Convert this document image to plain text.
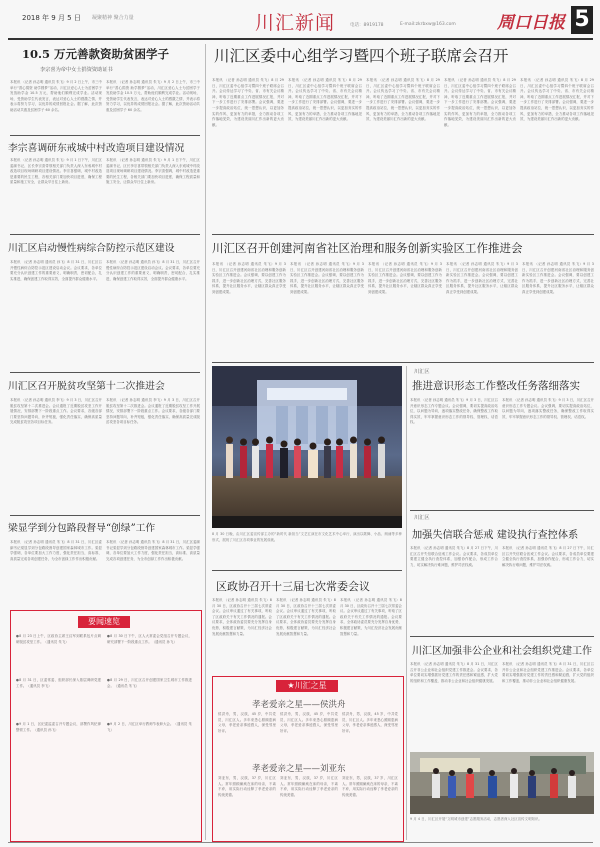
2018 年 9 月 5 日 凝聚精神 聚合力量	川汇新闻	电话：8919178	E-mail:zkrbxw@163.com 周口日报 5
10.5 万元善款资助贫困学子
李宗喜为帝中女士捐资资助证书
本报讯 （记者 孙志明 通讯员 朱飞）9 月 2 日上午，市三中举行“善心捐资 助学圆梦”活动，川汇区爱心人士为贫困学子发放助学金 10.5 万元，帮助他们顺利完成学业。活动现场，受资助学生代表发言，表达对爱心人士的感激之情，并表示将努力学习，以优异的成绩回报社会。据了解，此次资助活动共惠及贫困学子 60 余名。
本报讯 （记者 孙志明 通讯员 朱飞）9 月 2 日上午，市三中举行“善心捐资 助学圆梦”活动，川汇区爱心人士为贫困学子发放助学金 10.5 万元，帮助他们顺利完成学业。活动现场，受资助学生代表发言，表达对爱心人士的感激之情，并表示将努力学习，以优异的成绩回报社会。据了解，此次资助活动共惠及贫困学子 60 余名。
李宗喜调研东戒城中村改造项目建设情况
本报讯 （记者 孙志明 通讯员 朱飞）9 月 1 日下午，川汇区委副书记、区长李宗喜带领相关部门负责人深入东戒城中村改造项目现场调研项目建设情况。李宗喜强调，城中村改造是重要的民生工程，各相关部门要加快项目进度，确保工程质量和施工安全，让群众早日住上新房。
本报讯 （记者 孙志明 通讯员 朱飞）9 月 1 日下午，川汇区委副书记、区长李宗喜带领相关部门负责人深入东戒城中村改造项目现场调研项目建设情况。李宗喜强调，城中村改造是重要的民生工程，各相关部门要加快项目进度，确保工程质量和施工安全，让群众早日住上新房。
川汇区启动慢性病综合防控示范区建设
本报讯 （记者 孙志明 通讯员 孙飞）8 月 31 日，川汇区召开慢性病综合防控示范区建设启动会议。会议要求，各单位要充分认识创建工作的重要意义，明确职责，密切配合，扎实推进，确保创建工作取得实效，全面提升群众健康水平。
本报讯 （记者 孙志明 通讯员 孙飞）8 月 31 日，川汇区召开慢性病综合防控示范区建设启动会议。会议要求，各单位要充分认识创建工作的重要意义，明确职责，密切配合，扎实推进，确保创建工作取得实效，全面提升群众健康水平。
川汇区召开脱贫攻坚第十二次推进会
本报讯 （记者 孙志明 通讯员 李飞）9 月 3 日，川汇区召开脱贫攻坚第十二次推进会。会议通报了近期脱贫攻坚工作开展情况，安排部署下一阶段重点工作。会议要求，各级各部门要坚持问题导向，补齐短板，强化责任落实，确保高质量完成脱贫攻坚各项目标任务。
本报讯 （记者 孙志明 通讯员 李飞）9 月 3 日，川汇区召开脱贫攻坚第十二次推进会。会议通报了近期脱贫攻坚工作开展情况，安排部署下一阶段重点工作。会议要求，各级各部门要坚持问题导向，补齐短板，强化责任落实，确保高质量完成脱贫攻坚各项目标任务。
梁显学到分包路段督导“创绿”工作
本报讯 （记者 孙志明 通讯员 朱飞）8 月 31 日，川汇区委副书记梁显学到分包路段督导创建国家森林城市工作。梁显学强调，各单位要加大工作力度，强化责任担当，高标准、高质量完成各项创建任务，为全市创绿工作作出积极贡献。
本报讯 （记者 孙志明 通讯员 朱飞）8 月 31 日，川汇区委副书记梁显学到分包路段督导创建国家森林城市工作。梁显学强调，各单位要加大工作力度，强化责任担当，高标准、高质量完成各项创建任务，为全市创绿工作作出积极贡献。
要闻速览
●8 月 23 日上午，区政协主席王汉军到联系包片点调研脱贫攻坚工作。（通讯员 朱飞）
●8 月 30 日下午，区人大常委会党组召开专题会议，研究部署下一阶段重点工作。（通讯员 孙飞）
●8 月 31 日，区委常委、组织部长深入基层调研党建工作。（通讯员 李飞）
●8 月 29 日，川汇区召开创建国家卫生城市工作推进会。（通讯员 朱飞）
●9 月 1 日，区纪委监委召开专题会议，部署作风纪律整顿工作。（通讯员 孙飞）
●9 月 2 日，川汇区举行教师节表彰大会。（通讯员 朱飞）
川汇区委中心组学习暨四个班子联席会召开
本报讯 （记者 孙志明 通讯员 朱飞）8 月 29 日，川汇区委中心组学习暨四个班子联席会召开。会议传达学习了中央、省、市有关会议精神，听取了近期重点工作进展情况汇报，并对下一步工作进行了安排部署。会议强调，要进一步提高政治站位，统一思想认识，以更加务实的作风、更加有力的举措，全力推动各项工作落地见效，为建设美丽川汇作出新的更大贡献。
本报讯 （记者 孙志明 通讯员 朱飞）8 月 29 日，川汇区委中心组学习暨四个班子联席会召开。会议传达学习了中央、省、市有关会议精神，听取了近期重点工作进展情况汇报，并对下一步工作进行了安排部署。会议强调，要进一步提高政治站位，统一思想认识，以更加务实的作风、更加有力的举措，全力推动各项工作落地见效，为建设美丽川汇作出新的更大贡献。
本报讯 （记者 孙志明 通讯员 朱飞）8 月 29 日，川汇区委中心组学习暨四个班子联席会召开。会议传达学习了中央、省、市有关会议精神，听取了近期重点工作进展情况汇报，并对下一步工作进行了安排部署。会议强调，要进一步提高政治站位，统一思想认识，以更加务实的作风、更加有力的举措，全力推动各项工作落地见效，为建设美丽川汇作出新的更大贡献。
本报讯 （记者 孙志明 通讯员 朱飞）8 月 29 日，川汇区委中心组学习暨四个班子联席会召开。会议传达学习了中央、省、市有关会议精神，听取了近期重点工作进展情况汇报，并对下一步工作进行了安排部署。会议强调，要进一步提高政治站位，统一思想认识，以更加务实的作风、更加有力的举措，全力推动各项工作落地见效，为建设美丽川汇作出新的更大贡献。
本报讯 （记者 孙志明 通讯员 朱飞）8 月 29 日，川汇区委中心组学习暨四个班子联席会召开。会议传达学习了中央、省、市有关会议精神，听取了近期重点工作进展情况汇报，并对下一步工作进行了安排部署。会议强调，要进一步提高政治站位，统一思想认识，以更加务实的作风、更加有力的举措，全力推动各项工作落地见效，为建设美丽川汇作出新的更大贡献。
川汇区召开创建河南省社区治理和服务创新实验区工作推进会
本报讯 （记者 孙志明 通讯员 朱飞）9 月 3 日，川汇区召开创建河南省社区治理和服务创新实验区工作推进会。会议强调，要以创建工作为抓手，进一步创新社区治理方式，完善社区服务体系，提升社区服务水平，让辖区群众真正享受到创建成果。
本报讯 （记者 孙志明 通讯员 朱飞）9 月 3 日，川汇区召开创建河南省社区治理和服务创新实验区工作推进会。会议强调，要以创建工作为抓手，进一步创新社区治理方式，完善社区服务体系，提升社区服务水平，让辖区群众真正享受到创建成果。
本报讯 （记者 孙志明 通讯员 朱飞）9 月 3 日，川汇区召开创建河南省社区治理和服务创新实验区工作推进会。会议强调，要以创建工作为抓手，进一步创新社区治理方式，完善社区服务体系，提升社区服务水平，让辖区群众真正享受到创建成果。
本报讯 （记者 孙志明 通讯员 朱飞）9 月 3 日，川汇区召开创建河南省社区治理和服务创新实验区工作推进会。会议强调，要以创建工作为抓手，进一步创新社区治理方式，完善社区服务体系，提升社区服务水平，让辖区群众真正享受到创建成果。
本报讯 （记者 孙志明 通讯员 朱飞）9 月 3 日，川汇区召开创建河南省社区治理和服务创新实验区工作推进会。会议强调，要以创建工作为抓手，进一步创新社区治理方式，完善社区服务体系，提升社区服务水平，让辖区群众真正享受到创建成果。
8 月 30 日晚，由川汇区委宣传部主办的“新时代 新担当”文艺汇演在市文化艺术中心举行，演出以歌舞、小品、朗诵等多种形式，展现了川汇区各项事业的发展成就。
区政协召开十三届七次常委会议
本报讯 （记者 孙志明 通讯员 朱飞）8 月 30 日，区政协召开十三届七次常委会议。会议审议通过了有关事项，听取了区政府关于有关工作情况的通报。会议要求，全体政协委员要充分发挥自身优势，积极建言献策，为川汇经济社会发展贡献智慧和力量。
本报讯 （记者 孙志明 通讯员 朱飞）8 月 30 日，区政协召开十三届七次常委会议。会议审议通过了有关事项，听取了区政府关于有关工作情况的通报。会议要求，全体政协委员要充分发挥自身优势，积极建言献策，为川汇经济社会发展贡献智慧和力量。
本报讯 （记者 孙志明 通讯员 朱飞）8 月 30 日，区政协召开十三届七次常委会议。会议审议通过了有关事项，听取了区政府关于有关工作情况的通报。会议要求，全体政协委员要充分发挥自身优势，积极建言献策，为川汇经济社会发展贡献智慧和力量。
★川汇之星
孝老爱亲之星——侯洪舟
侯洪舟，男，汉族，45 岁，中共党员，川汇区人。多年来悉心照顾患病父母，孝老爱亲事迹感人，深受邻里好评。
侯洪舟，男，汉族，45 岁，中共党员，川汇区人。多年来悉心照顾患病父母，孝老爱亲事迹感人，深受邻里好评。
侯洪舟，男，汉族，45 岁，中共党员，川汇区人。多年来悉心照顾患病父母，孝老爱亲事迹感人，深受邻里好评。
孝老爱亲之星——刘亚东
刘亚东，男，汉族，37 岁，川汇区人。常年照顾瘫痪在床的母亲，不离不弃，用实际行动诠释了孝老爱亲的传统美德。
刘亚东，男，汉族，37 岁，川汇区人。常年照顾瘫痪在床的母亲，不离不弃，用实际行动诠释了孝老爱亲的传统美德。
刘亚东，男，汉族，37 岁，川汇区人。常年照顾瘫痪在床的母亲，不离不弃，用实际行动诠释了孝老爱亲的传统美德。
川汇区
推进意识形态工作整改任务落细落实
本报讯 （记者 孙志明 通讯员 朱飞）9 月 3 日，川汇区召开意识形态工作专题会议。会议强调，要切实提高政治站位，以问题为导向，逐项落实整改任务，确保整改工作取得实效，牢牢掌握意识形态工作的领导权、管理权、话语权。
本报讯 （记者 孙志明 通讯员 朱飞）9 月 3 日，川汇区召开意识形态工作专题会议。会议强调，要切实提高政治站位，以问题为导向，逐项落实整改任务，确保整改工作取得实效，牢牢掌握意识形态工作的领导权、管理权、话语权。
川汇区
加强失信联合惩戒 建设执行查控体系
本报讯 （记者 孙志明 通讯员 朱飞）8 月 27 日下午，川汇区召开失信联合惩戒工作会议。会议要求，各成员单位要建立健全执行查控体系，加强协作配合，形成工作合力，切实解决执行难问题，维护司法权威。
本报讯 （记者 孙志明 通讯员 朱飞）8 月 27 日下午，川汇区召开失信联合惩戒工作会议。会议要求，各成员单位要建立健全执行查控体系，加强协作配合，形成工作合力，切实解决执行难问题，维护司法权威。
川汇区加强非公企业和社会组织党建工作
本报讯 （记者 孙志明 通讯员 朱飞）8 月 31 日，川汇区召开非公企业和社会组织党建工作推进会。会议要求，各单位要切实增强抓好党建工作的责任感和紧迫感，扩大党的组织和工作覆盖，推动非公企业和社会组织健康发展。
本报讯 （记者 孙志明 通讯员 朱飞）8 月 31 日，川汇区召开非公企业和社会组织党建工作推进会。会议要求，各单位要切实增强抓好党建工作的责任感和紧迫感，扩大党的组织和工作覆盖，推动非公企业和社会组织健康发展。
9 月 4 日，川汇区开展“文明城市创建”志愿服务活动，志愿者深入社区宣传文明知识。
